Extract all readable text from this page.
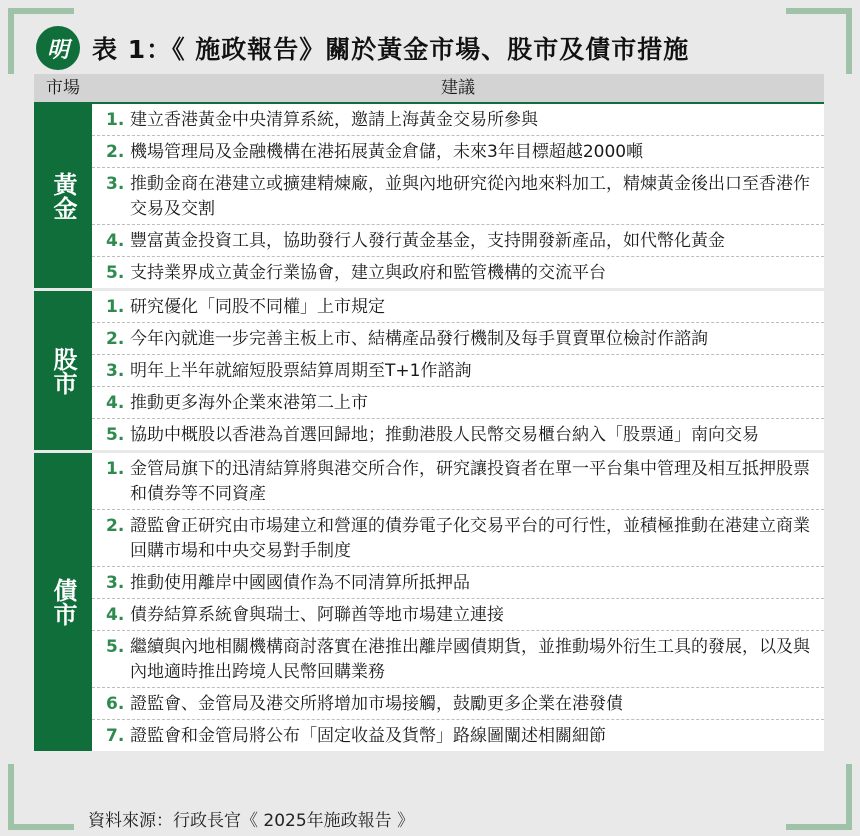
明 表 1：《 施政報告》關於黃金市場、股市及債市措施
市場	建議
黃金
1. 建立香港黃金中央清算系統，邀請上海黃金交易所參與
2. 機場管理局及金融機構在港拓展黃金倉儲，未來3年目標超越2000噸
3. 推動金商在港建立或擴建精煉廠，並與內地研究從內地來料加工，精煉黃金後出口至香港作交易及交割
4. 豐富黃金投資工具，協助發行人發行黃金基金，支持開發新產品，如代幣化黃金
5. 支持業界成立黃金行業協會，建立與政府和監管機構的交流平台
股市
1. 研究優化「同股不同權」上市規定
2. 今年內就進一步完善主板上市、結構產品發行機制及每手買賣單位檢討作諮詢
3. 明年上半年就縮短股票結算周期至T+1作諮詢
4. 推動更多海外企業來港第二上市
5. 協助中概股以香港為首選回歸地；推動港股人民幣交易櫃台納入「股票通」南向交易
債市
1. 金管局旗下的迅清結算將與港交所合作，研究讓投資者在單一平台集中管理及相互抵押股票和債券等不同資產
2. 證監會正研究由市場建立和營運的債券電子化交易平台的可行性，並積極推動在港建立商業回購市場和中央交易對手制度
3. 推動使用離岸中國國債作為不同清算所抵押品
4. 債券結算系統會與瑞士、阿聯酋等地市場建立連接
5. 繼續與內地相關機構商討落實在港推出離岸國債期貨，並推動場外衍生工具的發展，以及與內地適時推出跨境人民幣回購業務
6. 證監會、金管局及港交所將增加市場接觸，鼓勵更多企業在港發債
7. 證監會和金管局將公布「固定收益及貨幣」路線圖闡述相關細節
資料來源：行政長官《 2025年施政報告 》
